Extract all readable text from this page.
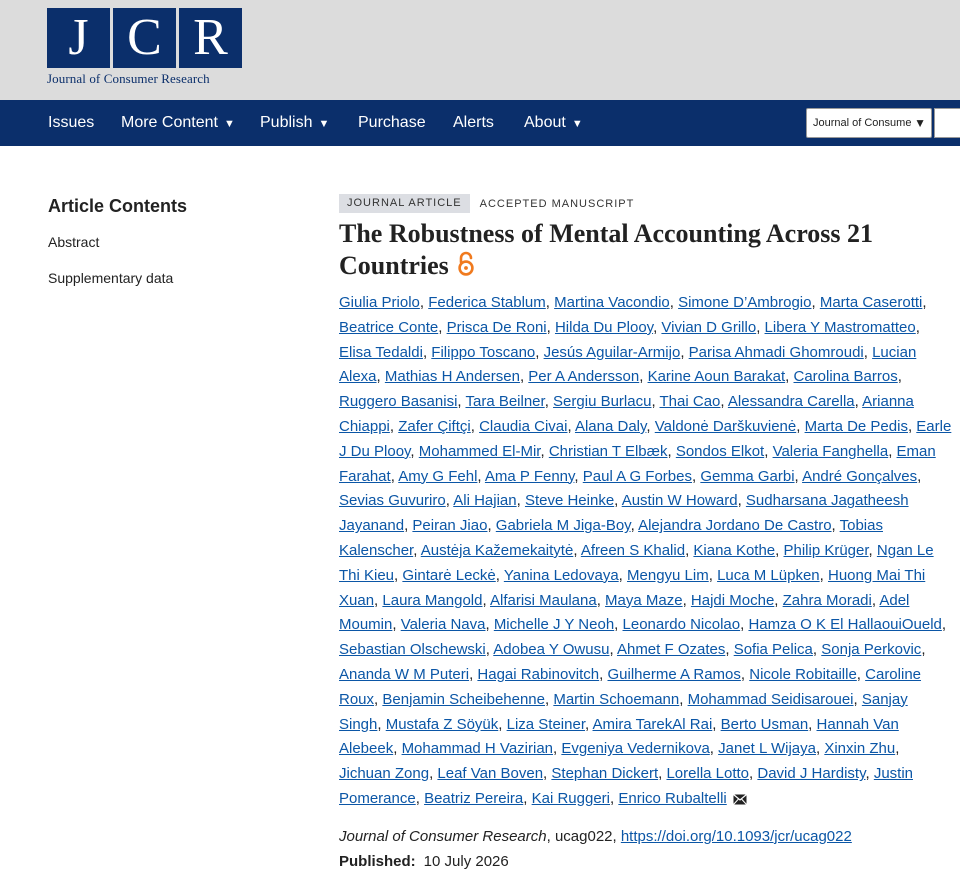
J C R
Journal of Consumer Research
Issues More Content ▼ Publish ▼ Purchase Alerts About ▼	Journal of Consume ▼
Article Contents
Abstract
Supplementary data
JOURNAL ARTICLE	ACCEPTED MANUSCRIPT
The Robustness of Mental Accounting Across 21 Countries
Giulia Priolo, Federica Stablum, Martina Vacondio, Simone D’Ambrogio, Marta Caserotti, Beatrice Conte, Prisca De Roni, Hilda Du Plooy, Vivian D Grillo, Libera Y Mastromatteo, Elisa Tedaldi, Filippo Toscano, Jesús Aguilar-Armijo, Parisa Ahmadi Ghomroudi, Lucian Alexa, Mathias H Andersen, Per A Andersson, Karine Aoun Barakat, Carolina Barros, Ruggero Basanisi, Tara Beilner, Sergiu Burlacu, Thai Cao, Alessandra Carella, Arianna Chiappi, Zafer Çiftçi, Claudia Civai, Alana Daly, Valdonė Darškuvienė, Marta De Pedis, Earle J Du Plooy, Mohammed El-Mir, Christian T Elbæk, Sondos Elkot, Valeria Fanghella, Eman Farahat, Amy G Fehl, Ama P Fenny, Paul A G Forbes, Gemma Garbi, André Gonçalves, Sevias Guvuriro, Ali Hajian, Steve Heinke, Austin W Howard, Sudharsana Jagatheesh Jayanand, Peiran Jiao, Gabriela M Jiga-Boy, Alejandra Jordano De Castro, Tobias Kalenscher, Austėja Kažemekaitytė, Afreen S Khalid, Kiana Kothe, Philip Krüger, Ngan Le Thi Kieu, Gintarė Leckė, Yanina Ledovaya, Mengyu Lim, Luca M Lüpken, Huong Mai Thi Xuan, Laura Mangold, Alfarisi Maulana, Maya Maze, Hajdi Moche, Zahra Moradi, Adel Moumin, Valeria Nava, Michelle J Y Neoh, Leonardo Nicolao, Hamza O K El HallaouiOueld, Sebastian Olschewski, Adobea Y Owusu, Ahmet F Ozates, Sofia Pelica, Sonja Perkovic, Ananda W M Puteri, Hagai Rabinovitch, Guilherme A Ramos, Nicole Robitaille, Caroline Roux, Benjamin Scheibehenne, Martin Schoemann, Mohammad Seidisarouei, Sanjay Singh, Mustafa Z Söyük, Liza Steiner, Amira TarekAl Rai, Berto Usman, Hannah Van Alebeek, Mohammad H Vazirian, Evgeniya Vedernikova, Janet L Wijaya, Xinxin Zhu, Jichuan Zong, Leaf Van Boven, Stephan Dickert, Lorella Lotto, David J Hardisty, Justin Pomerance, Beatriz Pereira, Kai Ruggeri, Enrico Rubaltelli
Journal of Consumer Research, ucag022, https://doi.org/10.1093/jcr/ucag022
Published: 10 July 2026
